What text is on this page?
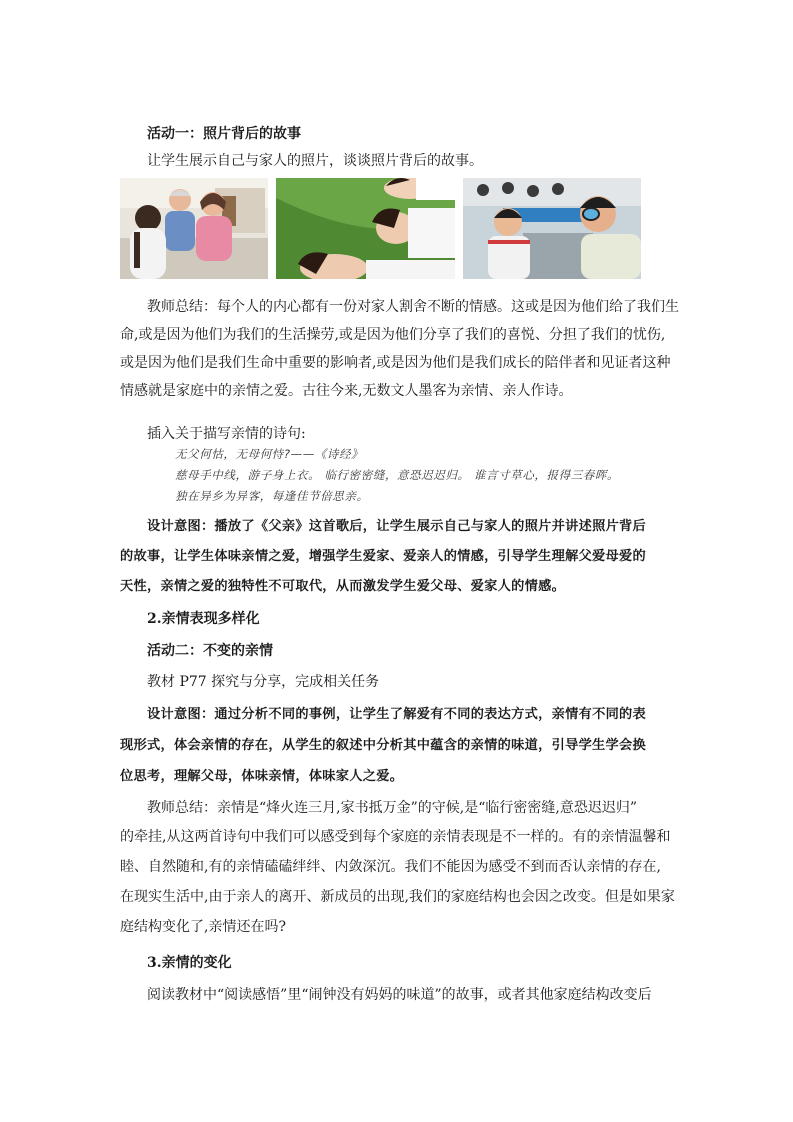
活动一：照片背后的故事
让学生展示自己与家人的照片，谈谈照片背后的故事。
教师总结：每个人的内心都有一份对家人割舍不断的情感。这或是因为他们给了我们生
命,或是因为他们为我们的生活操劳,或是因为他们分享了我们的喜悦、分担了我们的忧伤,
或是因为他们是我们生命中重要的影响者,或是因为他们是我们成长的陪伴者和见证者这种
情感就是家庭中的亲情之爱。古往今来,无数文人墨客为亲情、亲人作诗。
插入关于描写亲情的诗句:
无父何怙，无母何恃?——《诗经》
慈母手中线，游子身上衣。 临行密密缝，意恐迟迟归。 谁言寸草心，报得三春晖。
独在异乡为异客，每逢佳节倍思亲。
设计意图：播放了《父亲》这首歌后，让学生展示自己与家人的照片并讲述照片背后
的故事，让学生体味亲情之爱，增强学生爱家、爱亲人的情感，引导学生理解父爱母爱的
天性，亲情之爱的独特性不可取代，从而激发学生爱父母、爱家人的情感。
2.亲情表现多样化
活动二：不变的亲情
教材 P77 探究与分享，完成相关任务
设计意图：通过分析不同的事例，让学生了解爱有不同的表达方式，亲情有不同的表
现形式，体会亲情的存在，从学生的叙述中分析其中蕴含的亲情的味道，引导学生学会换
位思考，理解父母，体味亲情，体味家人之爱。
教师总结：亲情是“烽火连三月,家书抵万金”的守候,是“临行密密缝,意恐迟迟归”
的牵挂,从这两首诗句中我们可以感受到每个家庭的亲情表现是不一样的。有的亲情温馨和
睦、自然随和,有的亲情磕磕绊绊、内敛深沉。我们不能因为感受不到而否认亲情的存在,
在现实生活中,由于亲人的离开、新成员的出现,我们的家庭结构也会因之改变。但是如果家
庭结构变化了,亲情还在吗?
3.亲情的变化
阅读教材中“阅读感悟”里“闹钟没有妈妈的味道”的故事，或者其他家庭结构改变后
